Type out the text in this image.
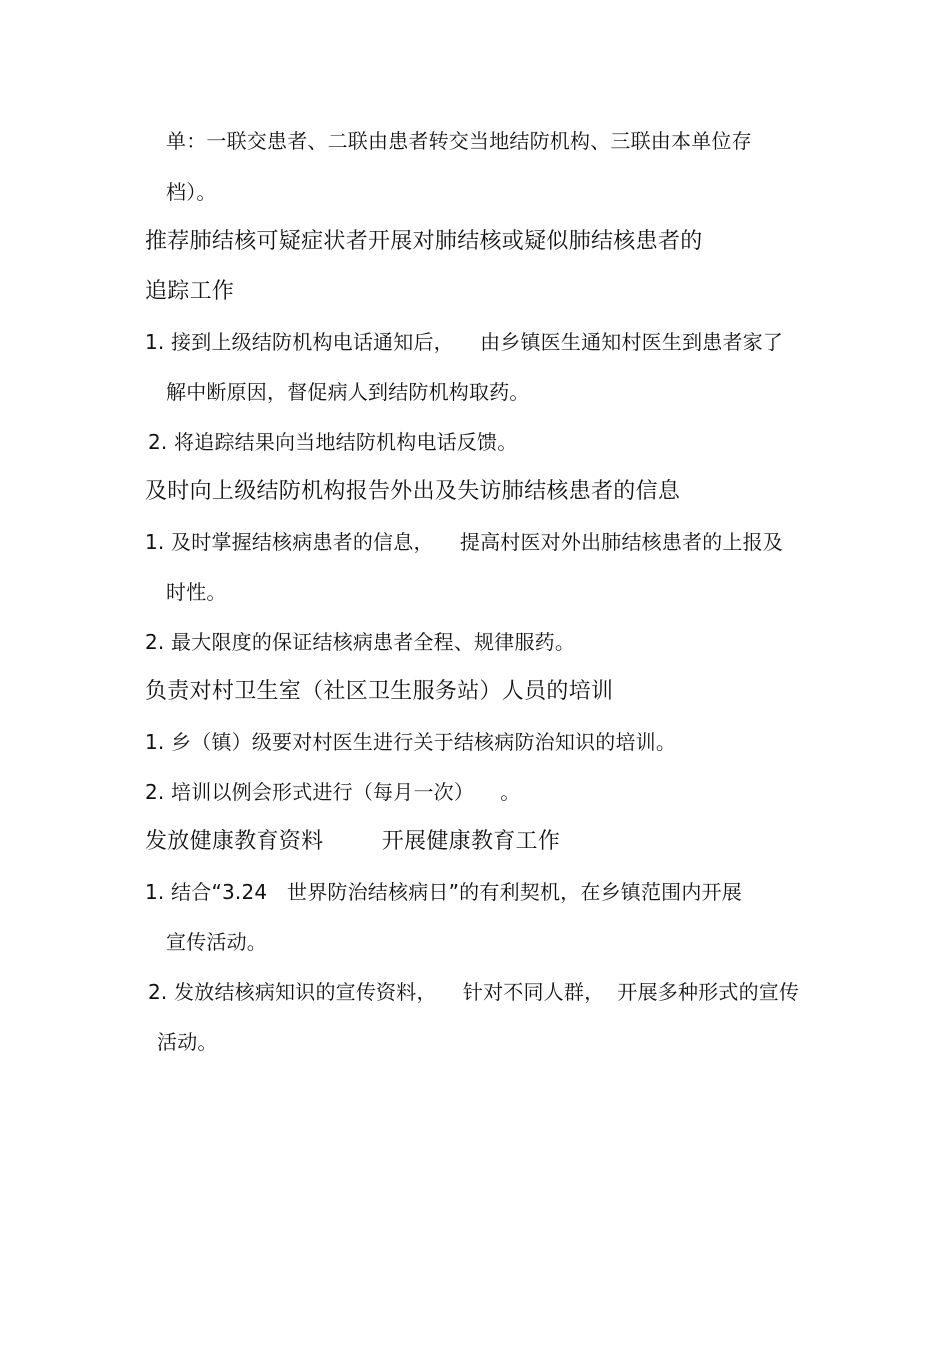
单：一联交患者、二联由患者转交当地结防机构、三联由本单位存
档）。
推荐肺结核可疑症状者开展对肺结核或疑似肺结核患者的
追踪工作
1. 接到上级结防机构电话通知后，    由乡镇医生通知村医生到患者家了
解中断原因，督促病人到结防机构取药。
2. 将追踪结果向当地结防机构电话反馈。
及时向上级结防机构报告外出及失访肺结核患者的信息
1. 及时掌握结核病患者的信息，    提高村医对外出肺结核患者的上报及
时性。
2. 最大限度的保证结核病患者全程、规律服药。
负责对村卫生室（社区卫生服务站）人员的培训
1. 乡（镇）级要对村医生进行关于结核病防治知识的培训。
2. 培训以例会形式进行（每月一次）    。
发放健康教育资料        开展健康教育工作
1. 结合“3.24   世界防治结核病日”的有利契机，在乡镇范围内开展
宣传活动。
2. 发放结核病知识的宣传资料，    针对不同人群，  开展多种形式的宣传
活动。
